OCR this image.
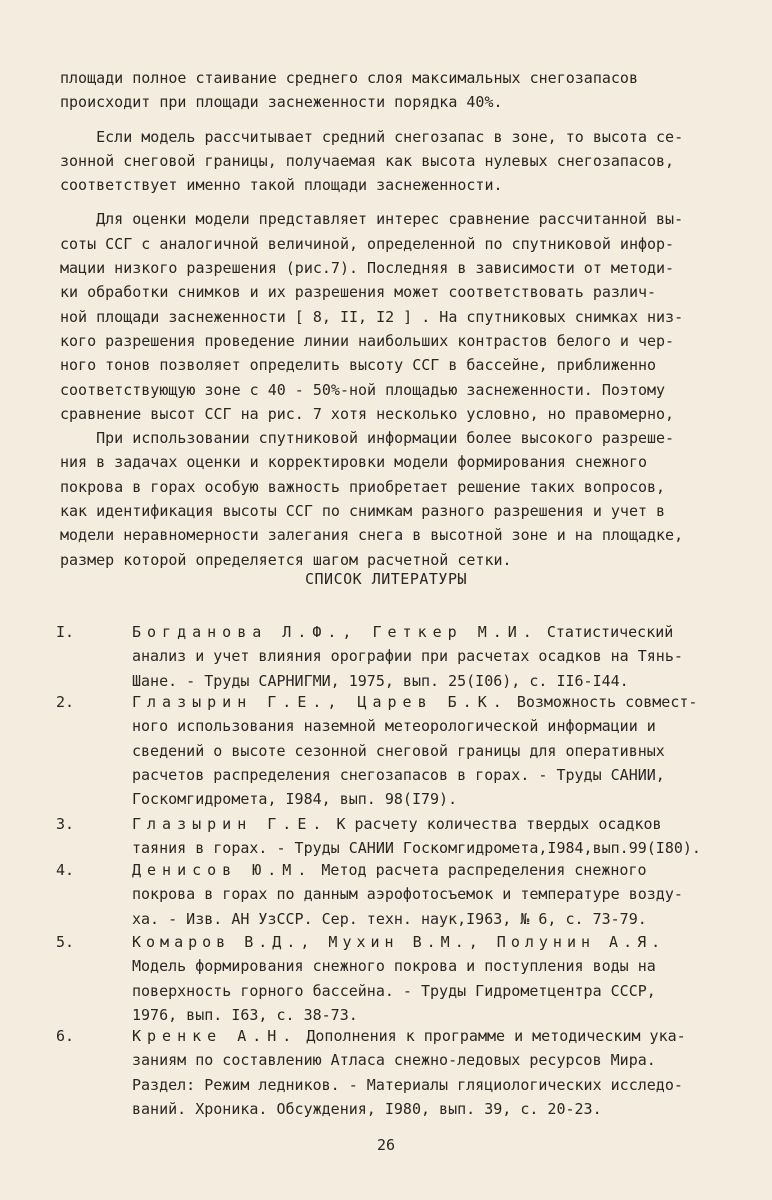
площади полное стаивание среднего слоя максимальных снегозапасов
происходит при площади заснеженности порядка 40%.

Если модель рассчитывает средний снегозапас в зоне, то высота се-
зонной снеговой границы, получаемая как высота нулевых снегозапасов,
соответствует именно такой площади заснеженности.

Для оценки модели представляет интерес сравнение рассчитанной вы-
соты ССГ с аналогичной величиной, определенной по спутниковой инфор-
мации низкого разрешения (рис.7). Последняя в зависимости от методи-
ки обработки снимков и их разрешения может соответствовать различ-
ной площади заснеженности [ 8, II, I2 ] . На спутниковых снимках низ-
кого разрешения проведение линии наибольших контрастов белого и чер-
ного тонов позволяет определить высоту ССГ в бассейне, приближенно
соответствующую зоне с 40 - 50%-ной площадью заснеженности. Поэтому
сравнение высот ССГ на рис. 7 хотя несколько условно, но правомерно,

При использовании спутниковой информации более высокого разреше-
ния в задачах оценки и корректировки модели формирования снежного
покрова в горах особую важность приобретает решение таких вопросов,
как идентификация высоты ССГ по снимкам разного разрешения и учет в
модели неравномерности залегания снега в высотной зоне и на площадке,
размер которой определяется шагом расчетной сетки.

СПИСОК ЛИТЕРАТУРЫ
I.	Богданова Л.Ф., Геткер М.И. Статистический
анализ и учет влияния орографии при расчетах осадков на Тянь-
Шане. - Труды САРНИГМИ, 1975, вып. 25(I06), с. II6-I44.
2.	Глазырин Г.Е., Царев Б.К. Возможность совмест-
ного использования наземной метеорологической информации и
сведений о высоте сезонной снеговой границы для оперативных
расчетов распределения снегозапасов в горах. - Труды САНИИ,
Госкомгидромета, I984, вып. 98(I79).
3.	Глазырин Г.Е. К расчету количества твердых осадков
таяния в горах. - Труды САНИИ Госкомгидромета,I984,вып.99(I80).
4.	Денисов Ю.М. Метод расчета распределения снежного
покрова в горах по данным аэрофотосъемок и температуре возду-
ха. - Изв. АН УзССР. Сер. техн. наук,I963, № 6, с. 73-79.
5.	Комаров В.Д., Мухин В.М., Полунин А.Я.
Модель формирования снежного покрова и поступления воды на
поверхность горного бассейна. - Труды Гидрометцентра СССР,
1976, вып. I63, с. 38-73.
6.	Кренке А.Н. Дополнения к программе и методическим ука-
заниям по составлению Атласа снежно-ледовых ресурсов Мира.
Раздел: Режим ледников. - Материалы гляциологических исследо-
ваний. Хроника. Обсуждения, I980, вып. 39, с. 20-23.
26
